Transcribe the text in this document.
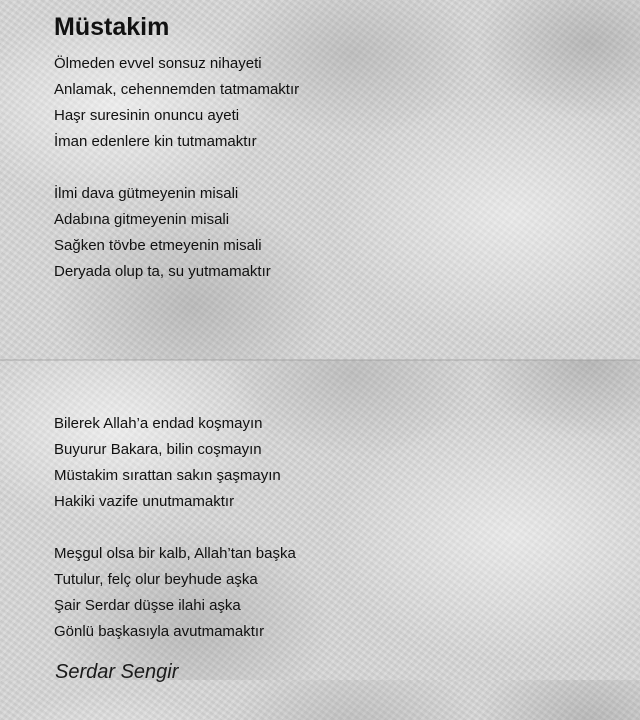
Müstakim
Ölmeden evvel sonsuz nihayeti
Anlamak, cehennemden tatmamaktır
Haşr suresinin onuncu ayeti
İman edenlere kin tutmamaktır
İlmi dava gütmeyenin misali
Adabına gitmeyenin misali
Sağken tövbe etmeyenin misali
Deryada olup ta, su yutmamaktır
Bilerek Allah’a endad koşmayın
Buyurur Bakara, bilin coşmayın
Müstakim sırattan sakın şaşmayın
Hakiki vazife unutmamaktır
Meşgul olsa bir kalb, Allah’tan başka
Tutulur, felç olur beyhude aşka
Şair Serdar düşse ilahi aşka
Gönlü başkasıyla avutmamaktır

Serdar Sengir
